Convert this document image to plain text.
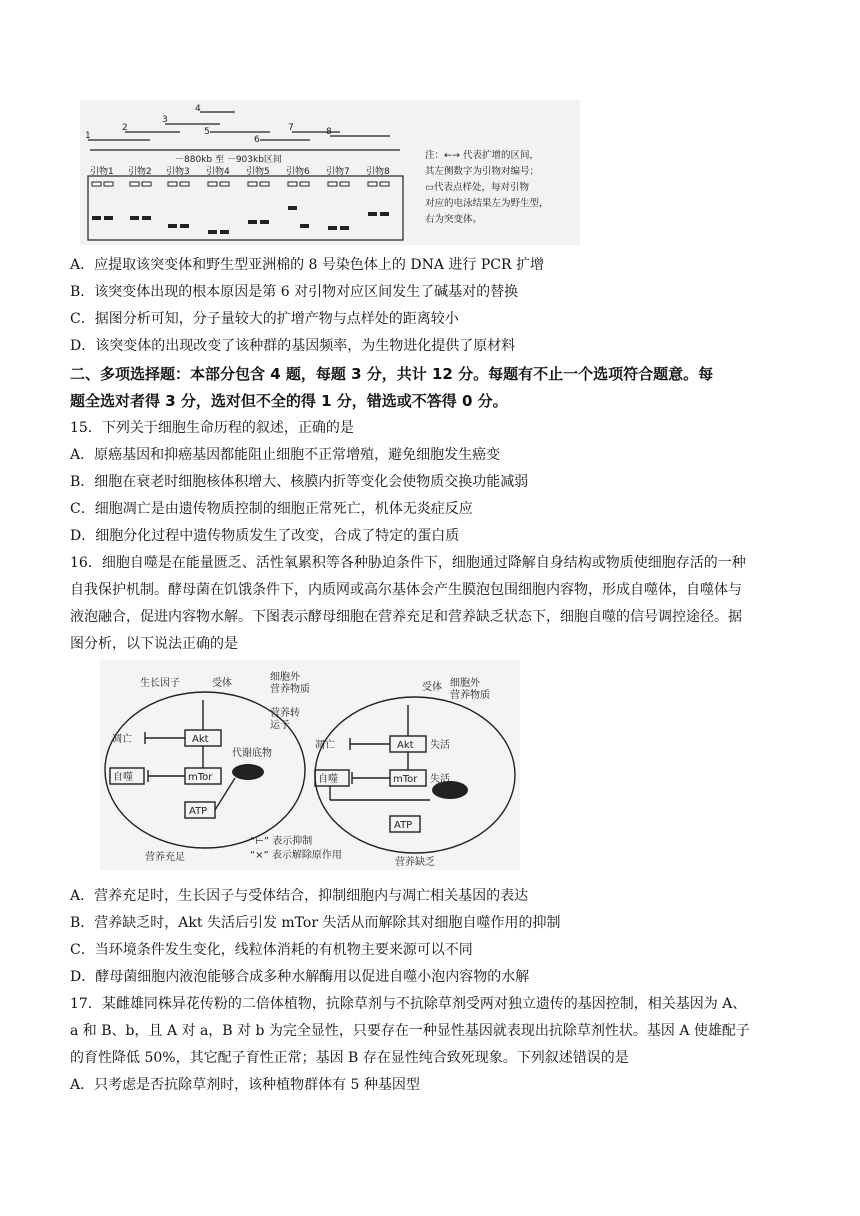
1
2
3
4
5
6
7	8
－880kb 至 －903kb区间
引物1 引物2 引物3 引物4 引物5 引物6 引物7 引物8
注：←→ 代表扩增的区间，
其左侧数字为引物对编号；
▭代表点样处，每对引物
对应的电泳结果左为野生型，
右为突变体。
A．应提取该突变体和野生型亚洲棉的 8 号染色体上的 DNA 进行 PCR 扩增
B．该突变体出现的根本原因是第 6 对引物对应区间发生了碱基对的替换
C．据图分析可知，分子量较大的扩增产物与点样处的距离较小
D．该突变体的出现改变了该种群的基因频率，为生物进化提供了原材料
二、多项选择题：本部分包含 4 题，每题 3 分，共计 12 分。每题有不止一个选项符合题意。每
题全选对者得 3 分，选对但不全的得 1 分，错选或不答得 0 分。
15．下列关于细胞生命历程的叙述，正确的是
A．原癌基因和抑癌基因都能阻止细胞不正常增殖，避免细胞发生癌变
B．细胞在衰老时细胞核体积增大、核膜内折等变化会使物质交换功能减弱
C．细胞凋亡是由遗传物质控制的细胞正常死亡，机体无炎症反应
D．细胞分化过程中遗传物质发生了改变，合成了特定的蛋白质
16．细胞自噬是在能量匮乏、活性氧累积等各种胁迫条件下，细胞通过降解自身结构或物质使细胞存活的一种
自我保护机制。酵母菌在饥饿条件下，内质网或高尔基体会产生膜泡包围细胞内容物，形成自噬体，自噬体与
液泡融合，促进内容物水解。下图表示酵母细胞在营养充足和营养缺乏状态下，细胞自噬的信号调控途径。据
图分析，以下说法正确的是
生长因子	受体
细胞外
营养物质
营养转
运子
凋亡
自噬
Akt
mTor
ATP
代谢底物
受体 细胞外
营养物质
凋亡
自噬
Akt
mTor
ATP
失活
失活
“⊢” 表示抑制
“×” 表示解除原作用
营养充足	营养缺乏
A．营养充足时，生长因子与受体结合，抑制细胞内与凋亡相关基因的表达
B．营养缺乏时，Akt 失活后引发 mTor 失活从而解除其对细胞自噬作用的抑制
C．当环境条件发生变化，线粒体消耗的有机物主要来源可以不同
D．酵母菌细胞内液泡能够合成多种水解酶用以促进自噬小泡内容物的水解
17．某雌雄同株异花传粉的二倍体植物，抗除草剂与不抗除草剂受两对独立遗传的基因控制，相关基因为 A、
a 和 B、b，且 A 对 a，B 对 b 为完全显性，只要存在一种显性基因就表现出抗除草剂性状。基因 A 使雄配子
的育性降低 50%，其它配子育性正常；基因 B 存在显性纯合致死现象。下列叙述错误的是
A．只考虑是否抗除草剂时，该种植物群体有 5 种基因型
